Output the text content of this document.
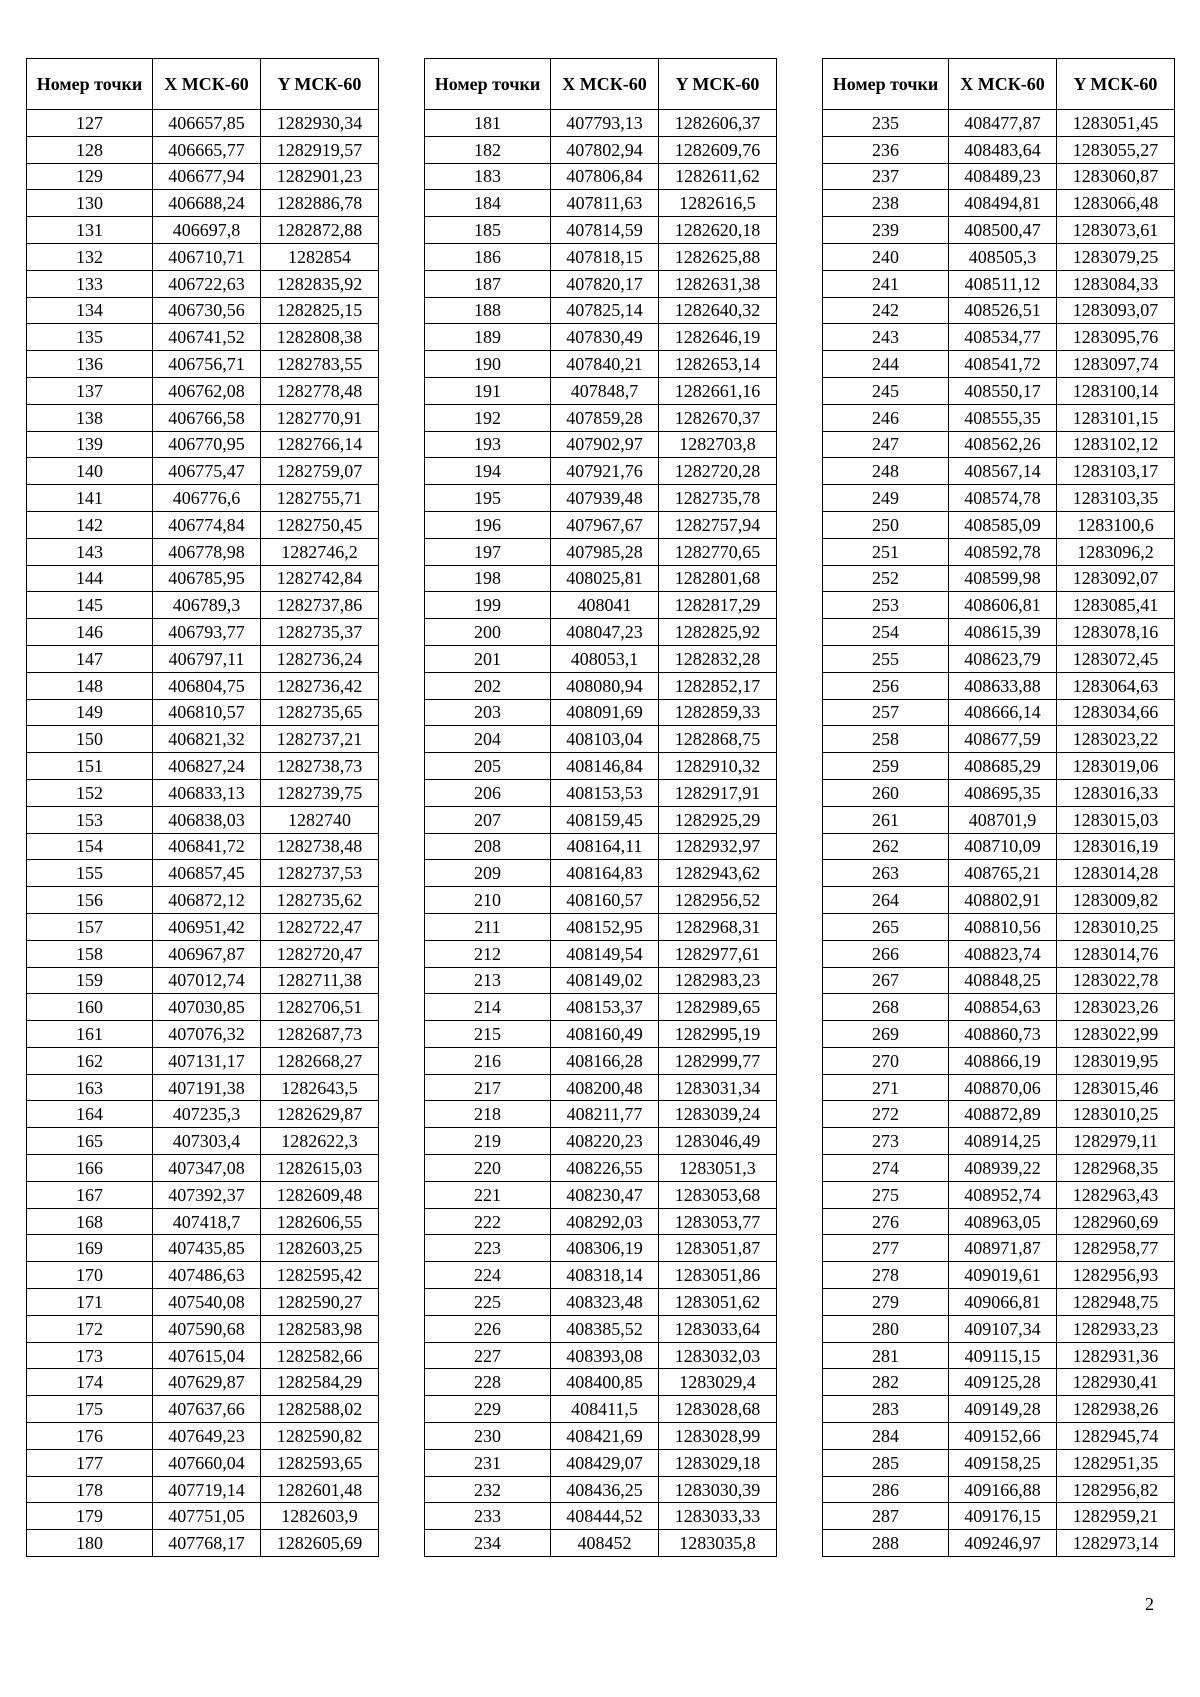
Номер точки	X МСК-60	Y МСК-60
127	406657,85	1282930,34
128	406665,77	1282919,57
129	406677,94	1282901,23
130	406688,24	1282886,78
131	406697,8	1282872,88
132	406710,71	1282854
133	406722,63	1282835,92
134	406730,56	1282825,15
135	406741,52	1282808,38
136	406756,71	1282783,55
137	406762,08	1282778,48
138	406766,58	1282770,91
139	406770,95	1282766,14
140	406775,47	1282759,07
141	406776,6	1282755,71
142	406774,84	1282750,45
143	406778,98	1282746,2
144	406785,95	1282742,84
145	406789,3	1282737,86
146	406793,77	1282735,37
147	406797,11	1282736,24
148	406804,75	1282736,42
149	406810,57	1282735,65
150	406821,32	1282737,21
151	406827,24	1282738,73
152	406833,13	1282739,75
153	406838,03	1282740
154	406841,72	1282738,48
155	406857,45	1282737,53
156	406872,12	1282735,62
157	406951,42	1282722,47
158	406967,87	1282720,47
159	407012,74	1282711,38
160	407030,85	1282706,51
161	407076,32	1282687,73
162	407131,17	1282668,27
163	407191,38	1282643,5
164	407235,3	1282629,87
165	407303,4	1282622,3
166	407347,08	1282615,03
167	407392,37	1282609,48
168	407418,7	1282606,55
169	407435,85	1282603,25
170	407486,63	1282595,42
171	407540,08	1282590,27
172	407590,68	1282583,98
173	407615,04	1282582,66
174	407629,87	1282584,29
175	407637,66	1282588,02
176	407649,23	1282590,82
177	407660,04	1282593,65
178	407719,14	1282601,48
179	407751,05	1282603,9
180	407768,17	1282605,69
Номер точки	X МСК-60	Y МСК-60
181	407793,13	1282606,37
182	407802,94	1282609,76
183	407806,84	1282611,62
184	407811,63	1282616,5
185	407814,59	1282620,18
186	407818,15	1282625,88
187	407820,17	1282631,38
188	407825,14	1282640,32
189	407830,49	1282646,19
190	407840,21	1282653,14
191	407848,7	1282661,16
192	407859,28	1282670,37
193	407902,97	1282703,8
194	407921,76	1282720,28
195	407939,48	1282735,78
196	407967,67	1282757,94
197	407985,28	1282770,65
198	408025,81	1282801,68
199	408041	1282817,29
200	408047,23	1282825,92
201	408053,1	1282832,28
202	408080,94	1282852,17
203	408091,69	1282859,33
204	408103,04	1282868,75
205	408146,84	1282910,32
206	408153,53	1282917,91
207	408159,45	1282925,29
208	408164,11	1282932,97
209	408164,83	1282943,62
210	408160,57	1282956,52
211	408152,95	1282968,31
212	408149,54	1282977,61
213	408149,02	1282983,23
214	408153,37	1282989,65
215	408160,49	1282995,19
216	408166,28	1282999,77
217	408200,48	1283031,34
218	408211,77	1283039,24
219	408220,23	1283046,49
220	408226,55	1283051,3
221	408230,47	1283053,68
222	408292,03	1283053,77
223	408306,19	1283051,87
224	408318,14	1283051,86
225	408323,48	1283051,62
226	408385,52	1283033,64
227	408393,08	1283032,03
228	408400,85	1283029,4
229	408411,5	1283028,68
230	408421,69	1283028,99
231	408429,07	1283029,18
232	408436,25	1283030,39
233	408444,52	1283033,33
234	408452	1283035,8
Номер точки	X МСК-60	Y МСК-60
235	408477,87	1283051,45
236	408483,64	1283055,27
237	408489,23	1283060,87
238	408494,81	1283066,48
239	408500,47	1283073,61
240	408505,3	1283079,25
241	408511,12	1283084,33
242	408526,51	1283093,07
243	408534,77	1283095,76
244	408541,72	1283097,74
245	408550,17	1283100,14
246	408555,35	1283101,15
247	408562,26	1283102,12
248	408567,14	1283103,17
249	408574,78	1283103,35
250	408585,09	1283100,6
251	408592,78	1283096,2
252	408599,98	1283092,07
253	408606,81	1283085,41
254	408615,39	1283078,16
255	408623,79	1283072,45
256	408633,88	1283064,63
257	408666,14	1283034,66
258	408677,59	1283023,22
259	408685,29	1283019,06
260	408695,35	1283016,33
261	408701,9	1283015,03
262	408710,09	1283016,19
263	408765,21	1283014,28
264	408802,91	1283009,82
265	408810,56	1283010,25
266	408823,74	1283014,76
267	408848,25	1283022,78
268	408854,63	1283023,26
269	408860,73	1283022,99
270	408866,19	1283019,95
271	408870,06	1283015,46
272	408872,89	1283010,25
273	408914,25	1282979,11
274	408939,22	1282968,35
275	408952,74	1282963,43
276	408963,05	1282960,69
277	408971,87	1282958,77
278	409019,61	1282956,93
279	409066,81	1282948,75
280	409107,34	1282933,23
281	409115,15	1282931,36
282	409125,28	1282930,41
283	409149,28	1282938,26
284	409152,66	1282945,74
285	409158,25	1282951,35
286	409166,88	1282956,82
287	409176,15	1282959,21
288	409246,97	1282973,14
2
